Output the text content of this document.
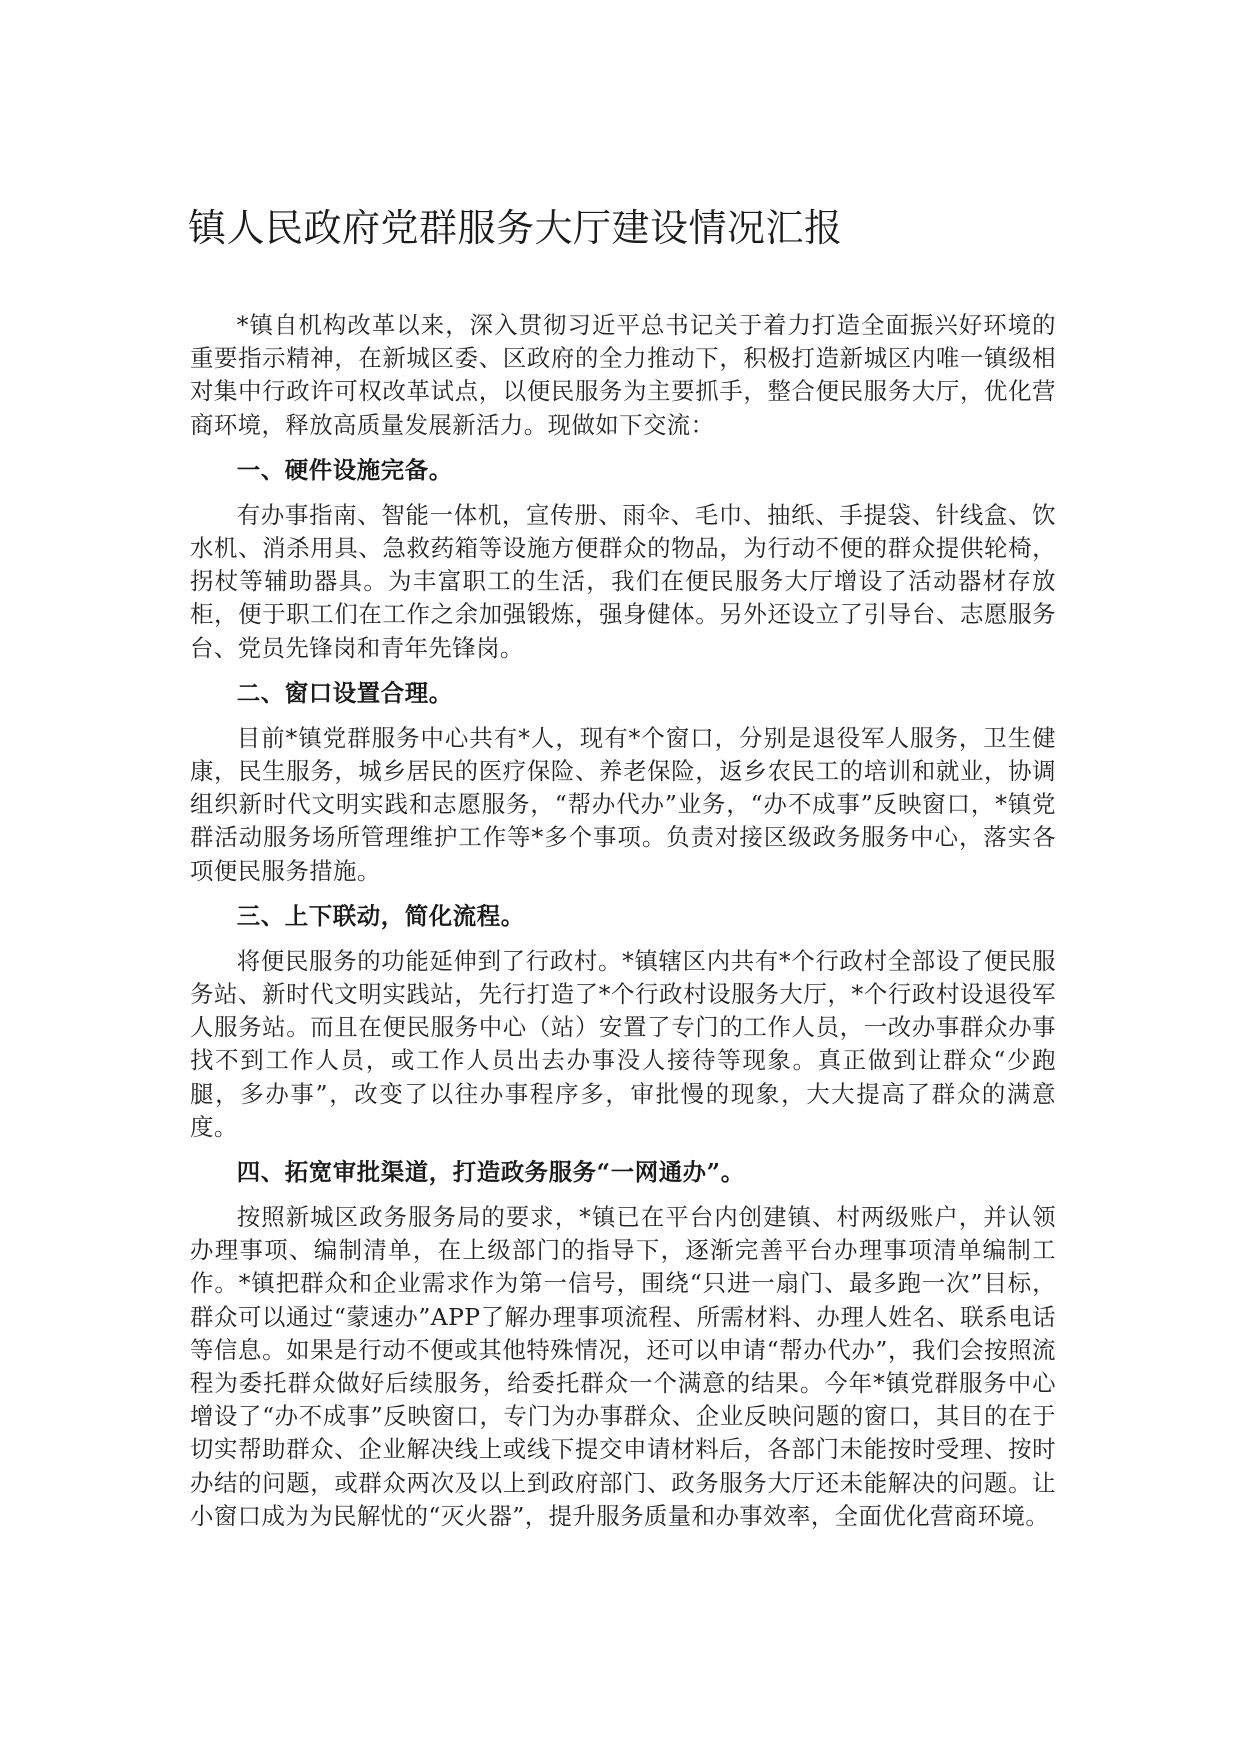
镇人民政府党群服务大厅建设情况汇报

*镇自机构改革以来，深入贯彻习近平总书记关于着力打造全面振兴好环境的重要指示精神，在新城区委、区政府的全力推动下，积极打造新城区内唯一镇级相对集中行政许可权改革试点，以便民服务为主要抓手，整合便民服务大厅，优化营商环境，释放高质量发展新活力。现做如下交流：

一、硬件设施完备。

有办事指南、智能一体机，宣传册、雨伞、毛巾、抽纸、手提袋、针线盒、饮水机、消杀用具、急救药箱等设施方便群众的物品，为行动不便的群众提供轮椅，拐杖等辅助器具。为丰富职工的生活，我们在便民服务大厅增设了活动器材存放柜，便于职工们在工作之余加强锻炼，强身健体。另外还设立了引导台、志愿服务台、党员先锋岗和青年先锋岗。

二、窗口设置合理。

目前*镇党群服务中心共有*人，现有*个窗口，分别是退役军人服务，卫生健康，民生服务，城乡居民的医疗保险、养老保险，返乡农民工的培训和就业，协调组织新时代文明实践和志愿服务，“帮办代办”业务，“办不成事”反映窗口，*镇党群活动服务场所管理维护工作等*多个事项。负责对接区级政务服务中心，落实各项便民服务措施。

三、上下联动，简化流程。

将便民服务的功能延伸到了行政村。*镇辖区内共有*个行政村全部设了便民服务站、新时代文明实践站，先行打造了*个行政村设服务大厅，*个行政村设退役军人服务站。而且在便民服务中心（站）安置了专门的工作人员，一改办事群众办事找不到工作人员，或工作人员出去办事没人接待等现象。真正做到让群众“少跑腿，多办事”，改变了以往办事程序多，审批慢的现象，大大提高了群众的满意度。

四、拓宽审批渠道，打造政务服务“一网通办”。

按照新城区政务服务局的要求，*镇已在平台内创建镇、村两级账户，并认领办理事项、编制清单，在上级部门的指导下，逐渐完善平台办理事项清单编制工作。*镇把群众和企业需求作为第一信号，围绕“只进一扇门、最多跑一次”目标，群众可以通过“蒙速办”APP了解办理事项流程、所需材料、办理人姓名、联系电话等信息。如果是行动不便或其他特殊情况，还可以申请“帮办代办”，我们会按照流程为委托群众做好后续服务，给委托群众一个满意的结果。今年*镇党群服务中心增设了“办不成事”反映窗口，专门为办事群众、企业反映问题的窗口，其目的在于切实帮助群众、企业解决线上或线下提交申请材料后，各部门未能按时受理、按时办结的问题，或群众两次及以上到政府部门、政务服务大厅还未能解决的问题。让小窗口成为为民解忧的“灭火器”，提升服务质量和办事效率，全面优化营商环境。
